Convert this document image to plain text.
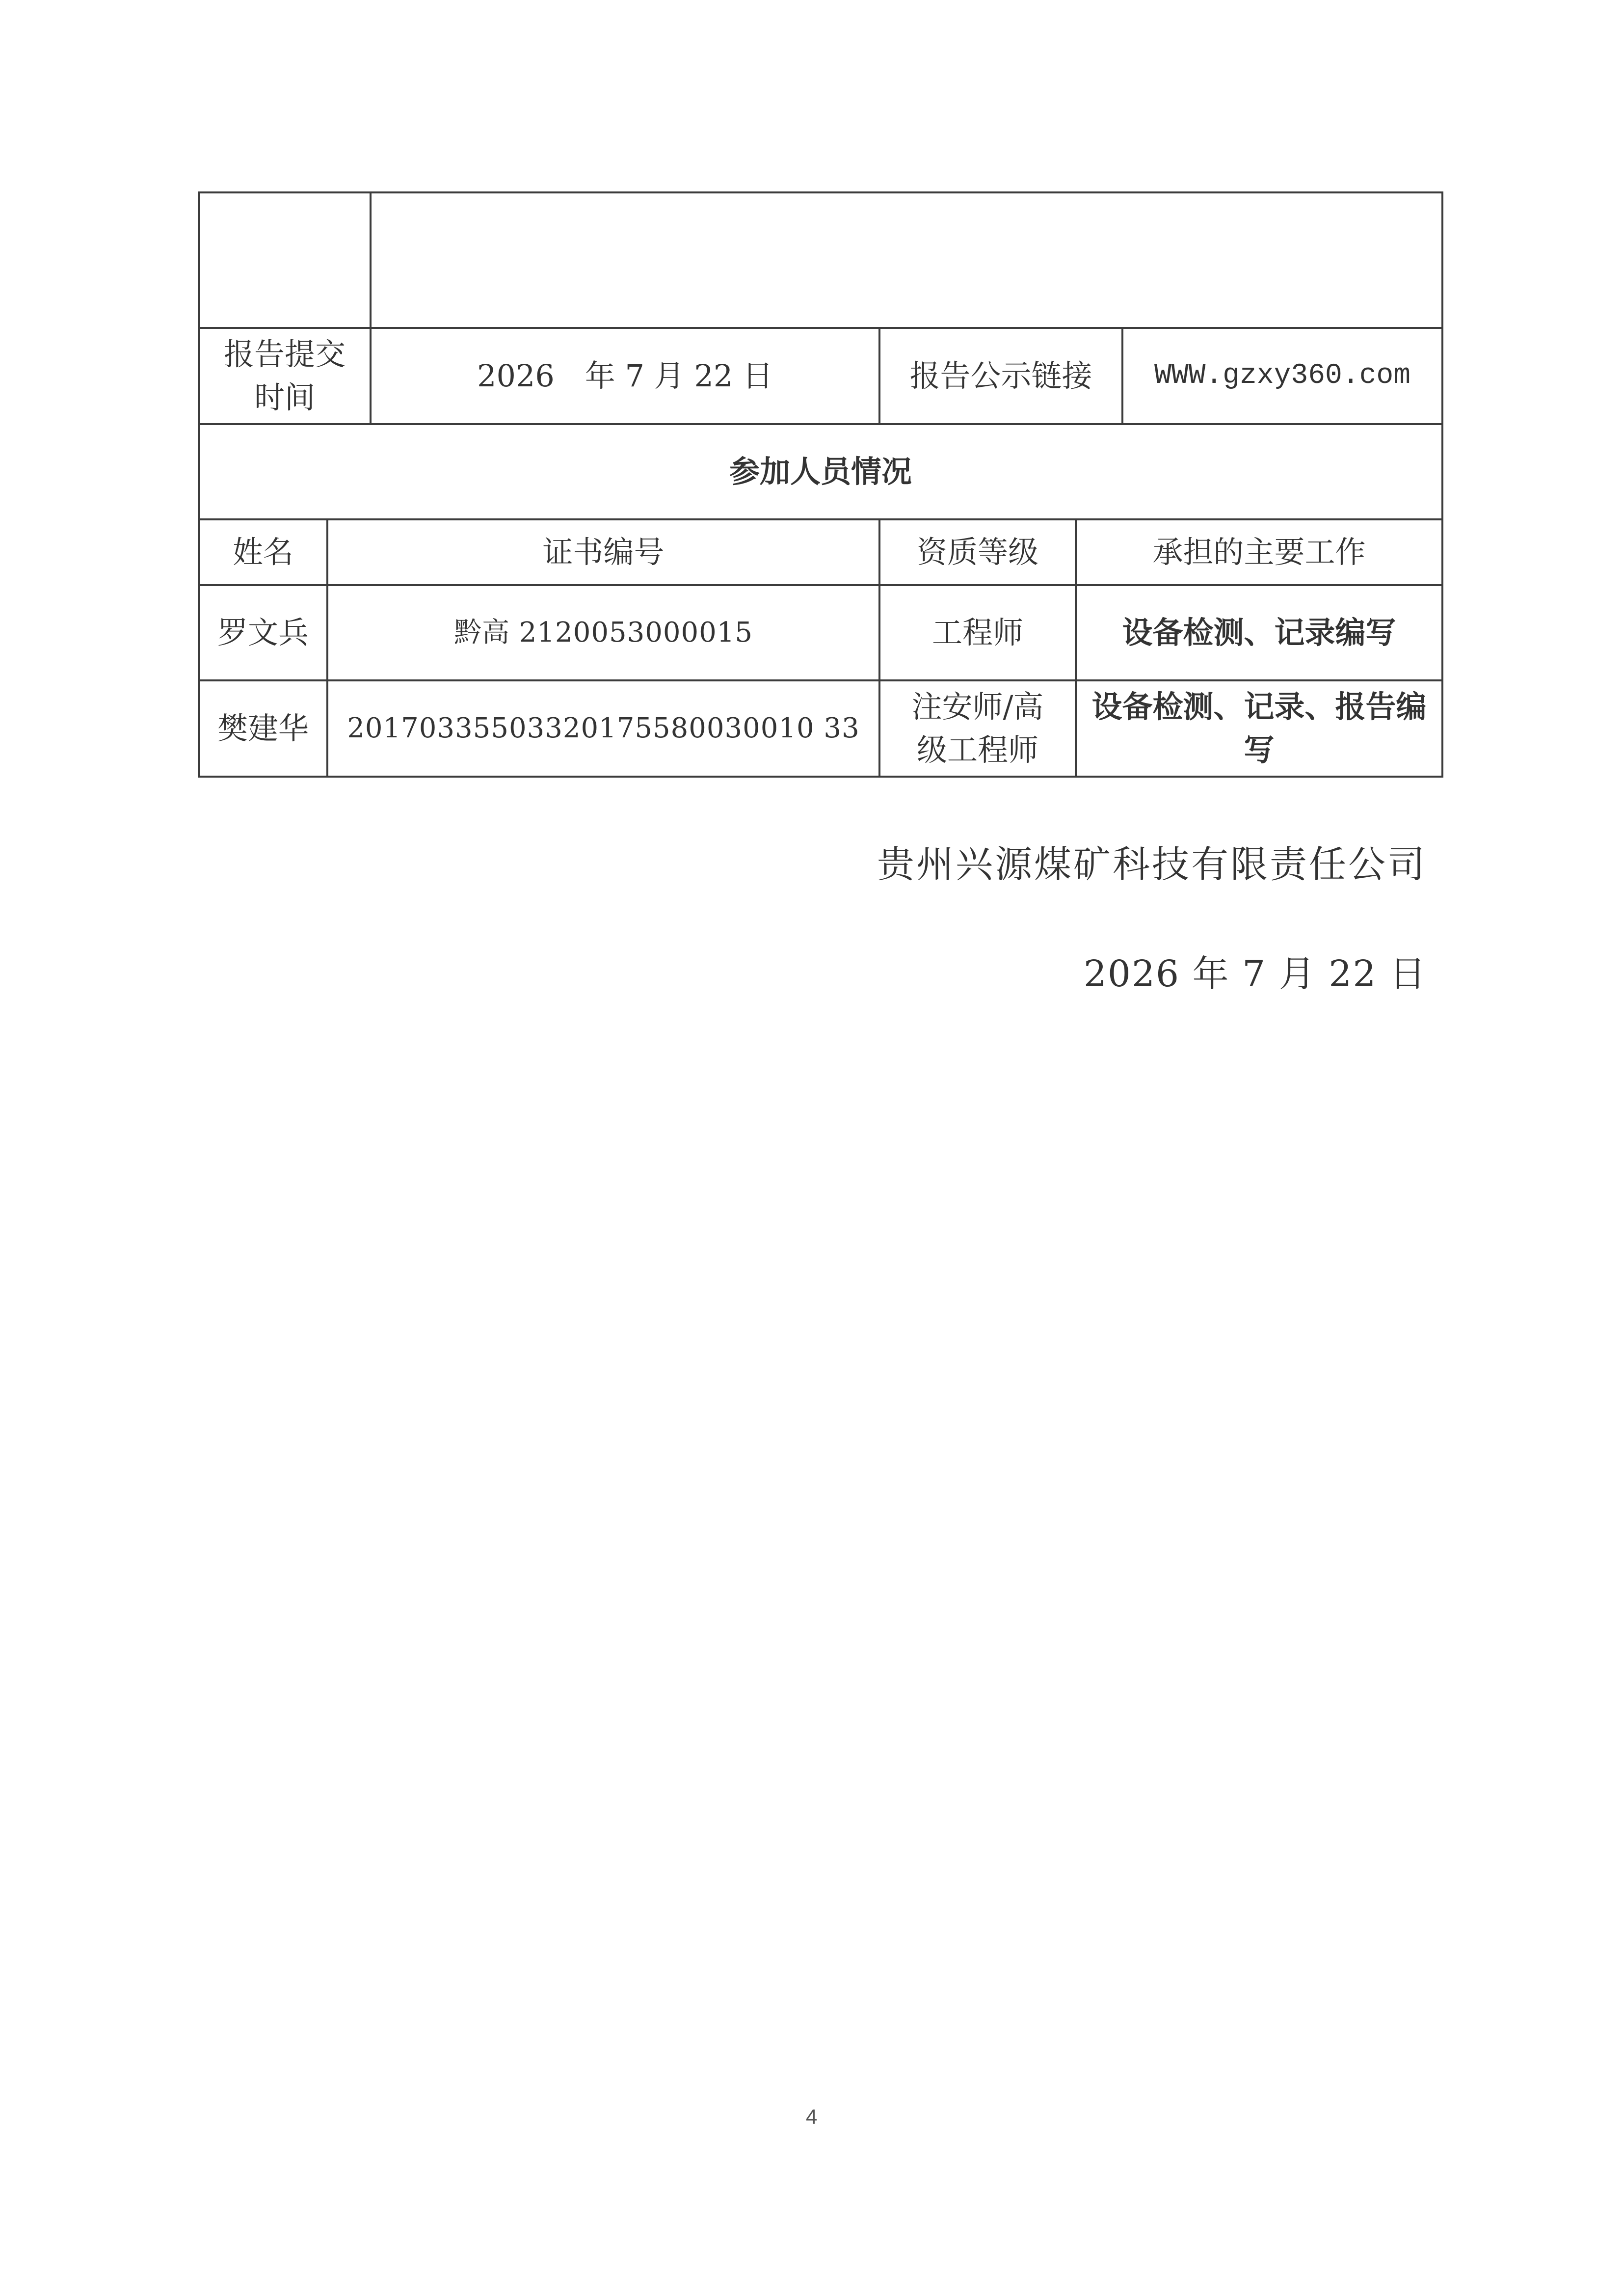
报告提交时间		2026　年 7 月 22 日	报告公示链接		WWW.gzxy360.com
参加人员情况					
姓名	证书编号		资质等级	承担的主要工作	
罗文兵	黔高 2120053000015		工程师	设备检测、记录编写	
樊建华	20170335503320175580030010 33		注安师/高级工程师	设备检测、记录、报告编写	
贵州兴源煤矿科技有限责任公司
2026 年 7 月 22 日
4
